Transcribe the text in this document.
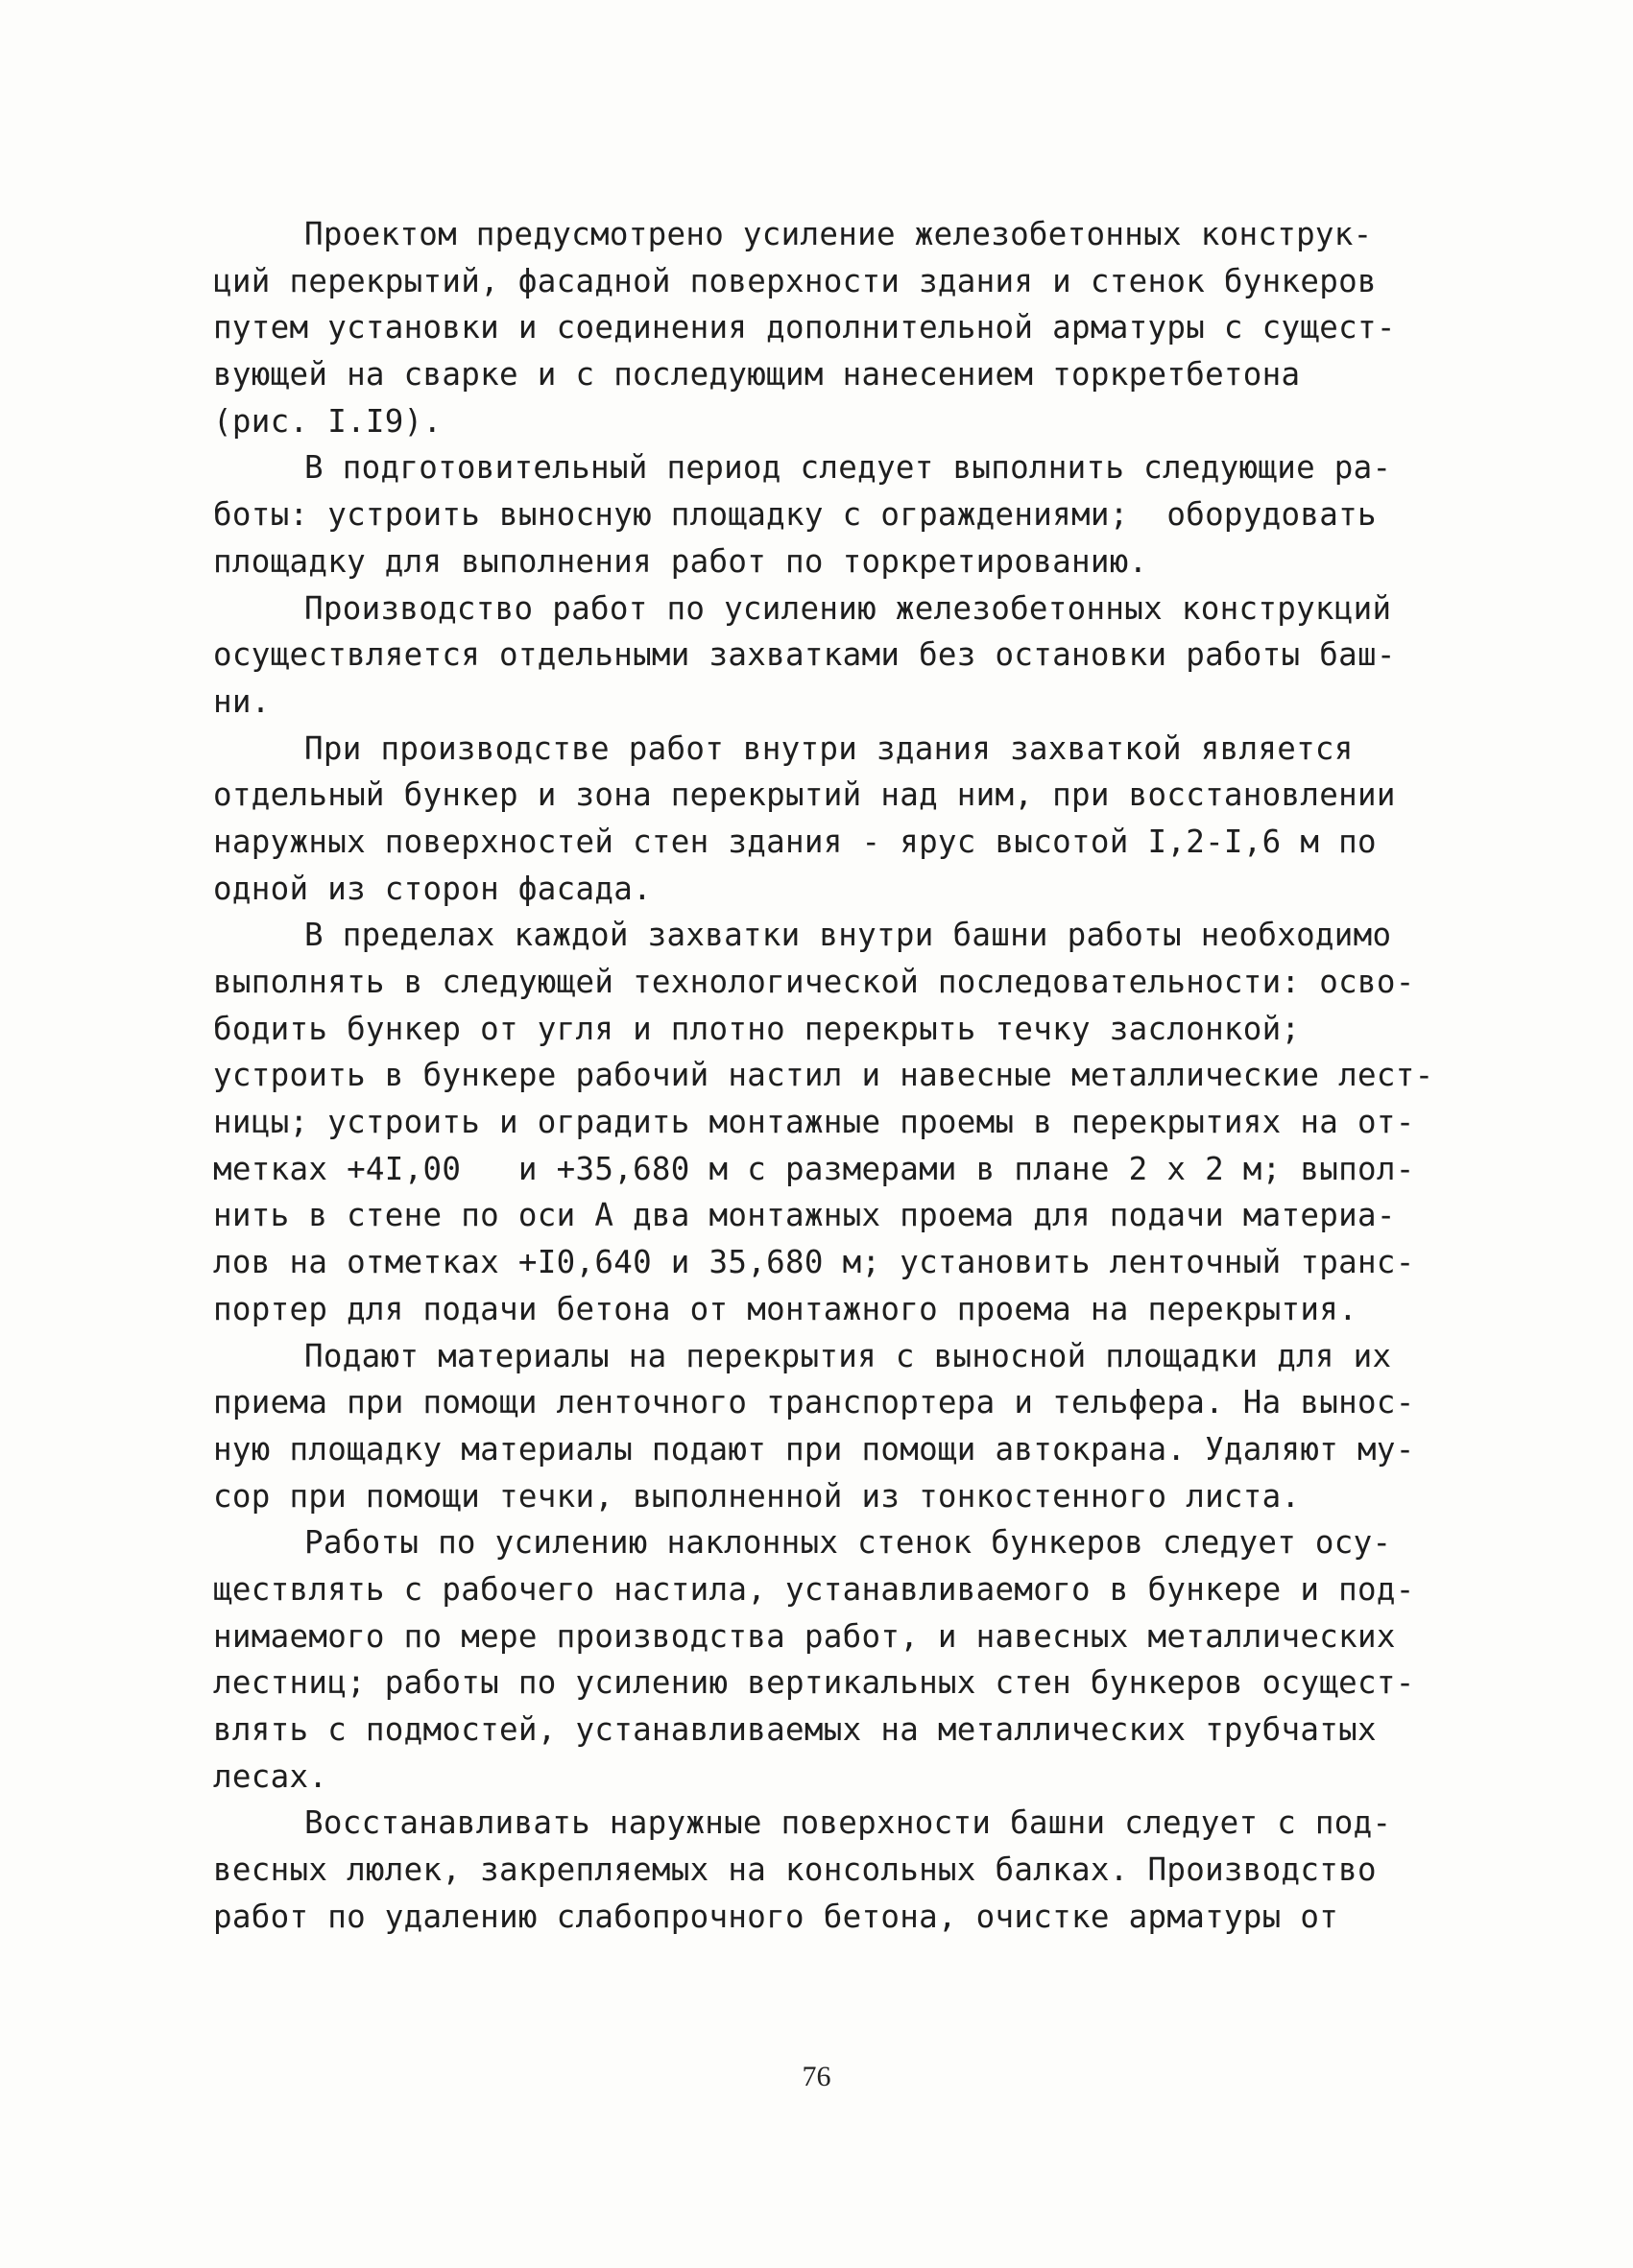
Проектом предусмотрено усиление железобетонных конструк-
ций перекрытий, фасадной поверхности здания и стенок бункеров
путем установки и соединения дополнительной арматуры с сущест-
вующей на сварке и с последующим нанесением торкретбетона
(рис. I.I9).
В подготовительный период следует выполнить следующие ра-
боты: устроить выносную площадку с ограждениями;  оборудовать
площадку для выполнения работ по торкретированию.
Производство работ по усилению железобетонных конструкций
осуществляется отдельными захватками без остановки работы баш-
ни.
При производстве работ внутри здания захваткой является
отдельный бункер и зона перекрытий над ним, при восстановлении
наружных поверхностей стен здания - ярус высотой I,2-I,6 м по
одной из сторон фасада.
В пределах каждой захватки внутри башни работы необходимо
выполнять в следующей технологической последовательности: осво-
бодить бункер от угля и плотно перекрыть течку заслонкой;
устроить в бункере рабочий настил и навесные металлические лест-
ницы; устроить и оградить монтажные проемы в перекрытиях на от-
метках +4I,00   и +35,680 м с размерами в плане 2 х 2 м; выпол-
нить в стене по оси А два монтажных проема для подачи материа-
лов на отметках +I0,640 и 35,680 м; установить ленточный транс-
портер для подачи бетона от монтажного проема на перекрытия.
Подают материалы на перекрытия с выносной площадки для их
приема при помощи ленточного транспортера и тельфера. На вынос-
ную площадку материалы подают при помощи автокрана. Удаляют му-
сор при помощи течки, выполненной из тонкостенного листа.
Работы по усилению наклонных стенок бункеров следует осу-
ществлять с рабочего настила, устанавливаемого в бункере и под-
нимаемого по мере производства работ, и навесных металлических
лестниц; работы по усилению вертикальных стен бункеров осущест-
влять с подмостей, устанавливаемых на металлических трубчатых
лесах.
Восстанавливать наружные поверхности башни следует с под-
весных люлек, закрепляемых на консольных балках. Производство
работ по удалению слабопрочного бетона, очистке арматуры от
76
